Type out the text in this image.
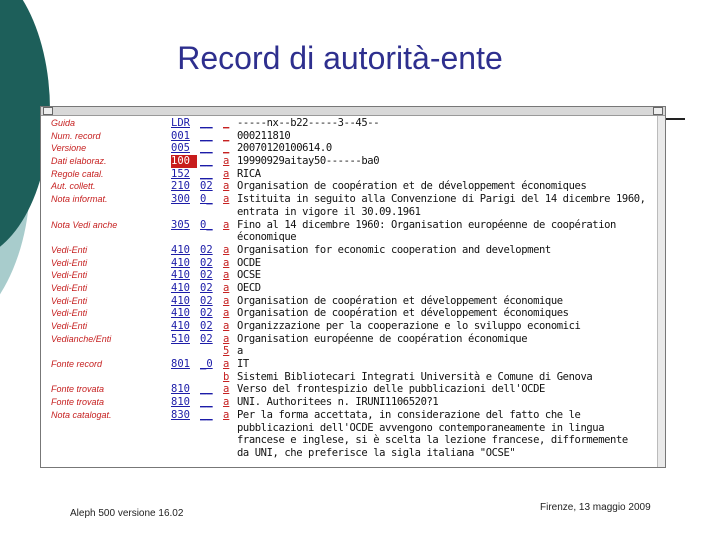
Record di autorità-ente
Guida	LDR __ _ -----nx--b22-----3--45--
Num. record	001 __ _ 000211810
Versione	005 __ _ 20070120100614.0
Dati elaboraz.	100 __ a 19990929aitay50------ba0
Regole catal.	152 __ a RICA
Aut. collett.	210 02 a Organisation de coopération et de développement économiques
Nota informat.	300 0_ a Istituita in seguito alla Convenzione di Parigi del 14 dicembre 1960,
entrata in vigore il 30.09.1961
Nota Vedi anche	305 0_ a Fino al 14 dicembre 1960: Organisation européenne de coopération
économique
Vedi-Enti	410 02 a Organisation for economic cooperation and development
Vedi-Enti	410 02 a OCDE
Vedi-Enti	410 02 a OCSE
Vedi-Enti	410 02 a OECD
Vedi-Enti	410 02 a Organisation de coopération et développement économique
Vedi-Enti	410 02 a Organisation de coopération et développement économiques
Vedi-Enti	410 02 a Organizzazione per la cooperazione e lo sviluppo economici
Vedianche/Enti	510 02 a Organisation européenne de coopération économique
5 a
Fonte record	801 _0 a IT
b Sistemi Bibliotecari Integrati Università e Comune di Genova
Fonte trovata	810 __ a Verso del frontespizio delle pubblicazioni dell'OCDE
Fonte trovata	810 __ a UNI. Authoritees n. IRUNI1106520?1
Nota catalogat.	830 __ a Per la forma accettata, in considerazione del fatto che le
pubblicazioni dell'OCDE avvengono contemporaneamente in lingua
francese e inglese, si è scelta la lezione francese, difformemente
da UNI, che preferisce la sigla italiana "OCSE"
Aleph 500 versione 16.02
Firenze, 13 maggio 2009
